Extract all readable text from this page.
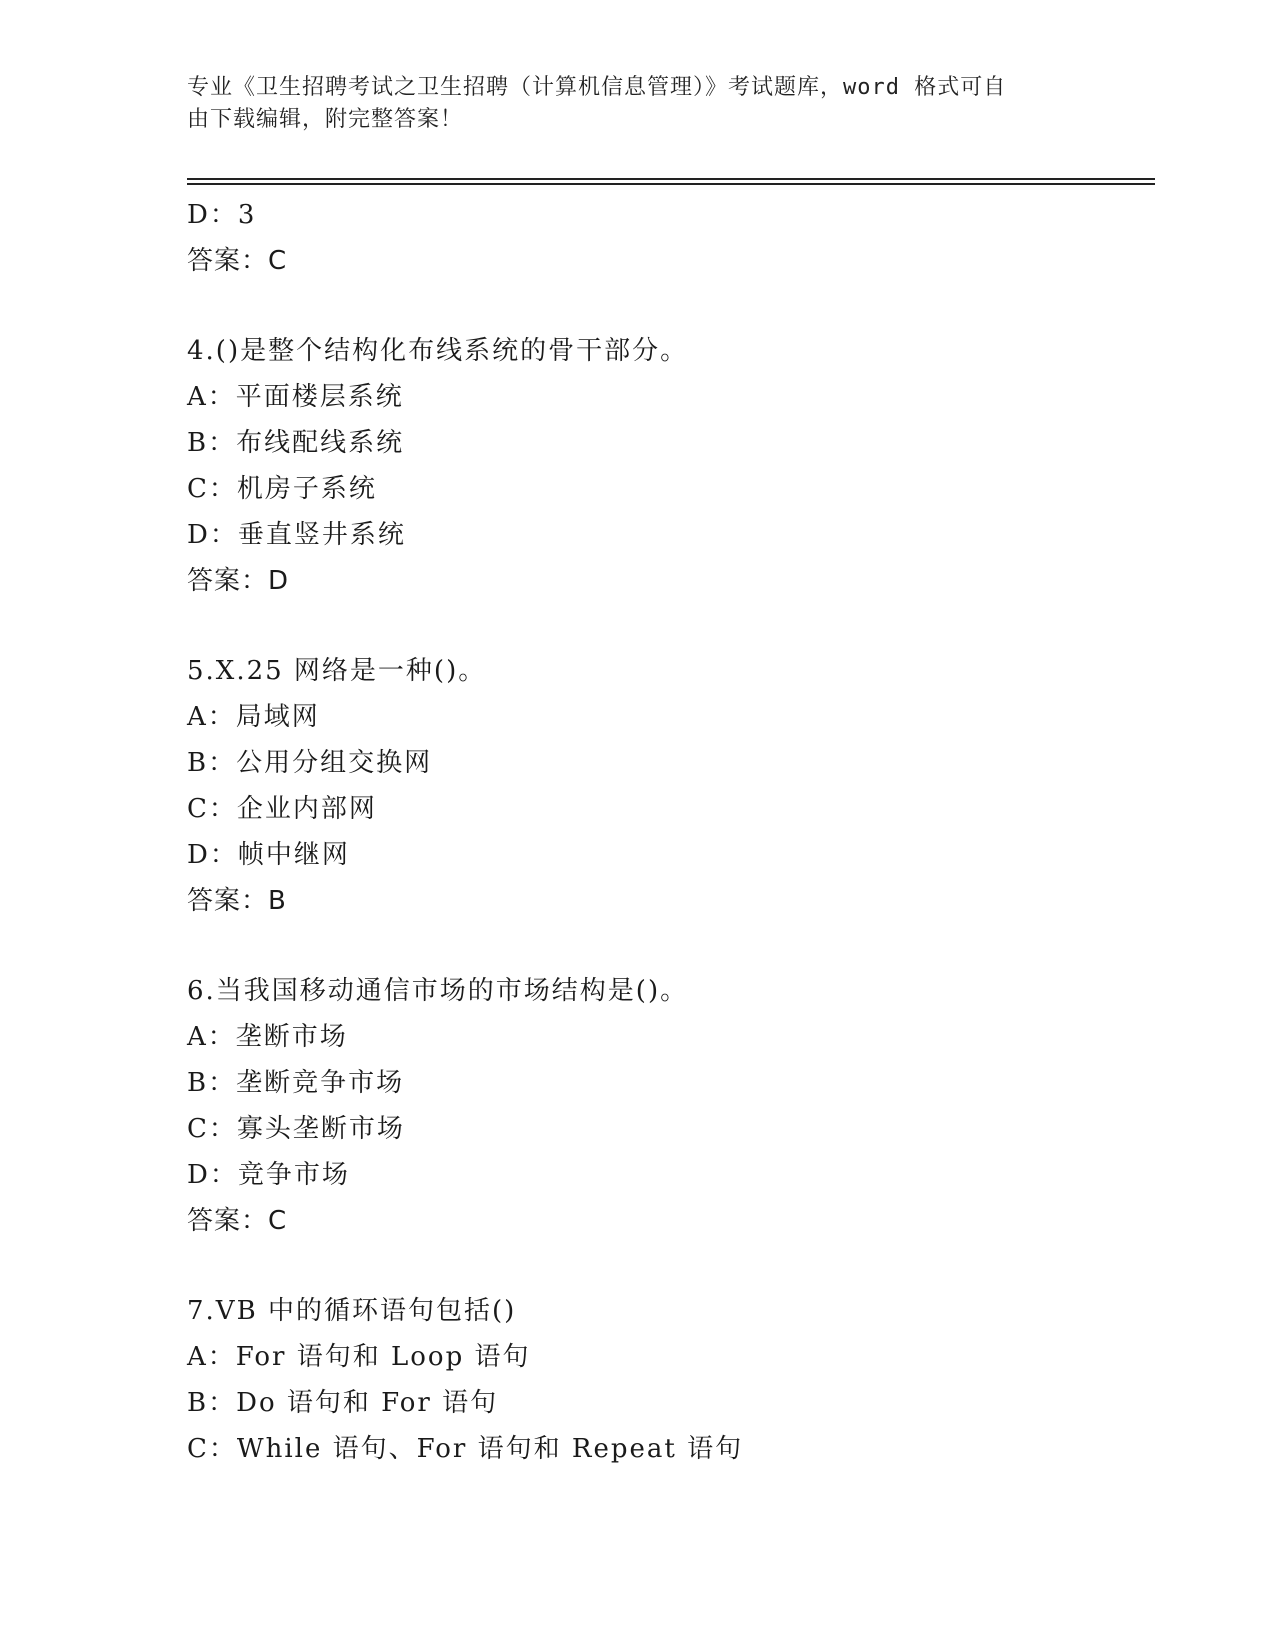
专业《卫生招聘考试之卫生招聘（计算机信息管理）》考试题库，word 格式可自
由下载编辑，附完整答案！
D：3
答案：C
4.()是整个结构化布线系统的骨干部分。
A：平面楼层系统
B：布线配线系统
C：机房子系统
D：垂直竖井系统
答案：D
5.X.25 网络是一种()。
A：局域网
B：公用分组交换网
C：企业内部网
D：帧中继网
答案：B
6.当我国移动通信市场的市场结构是()。
A：垄断市场
B：垄断竞争市场
C：寡头垄断市场
D：竞争市场
答案：C
7.VB 中的循环语句包括()
A：For 语句和 Loop 语句
B：Do 语句和 For 语句
C：While 语句、For 语句和 Repeat 语句
